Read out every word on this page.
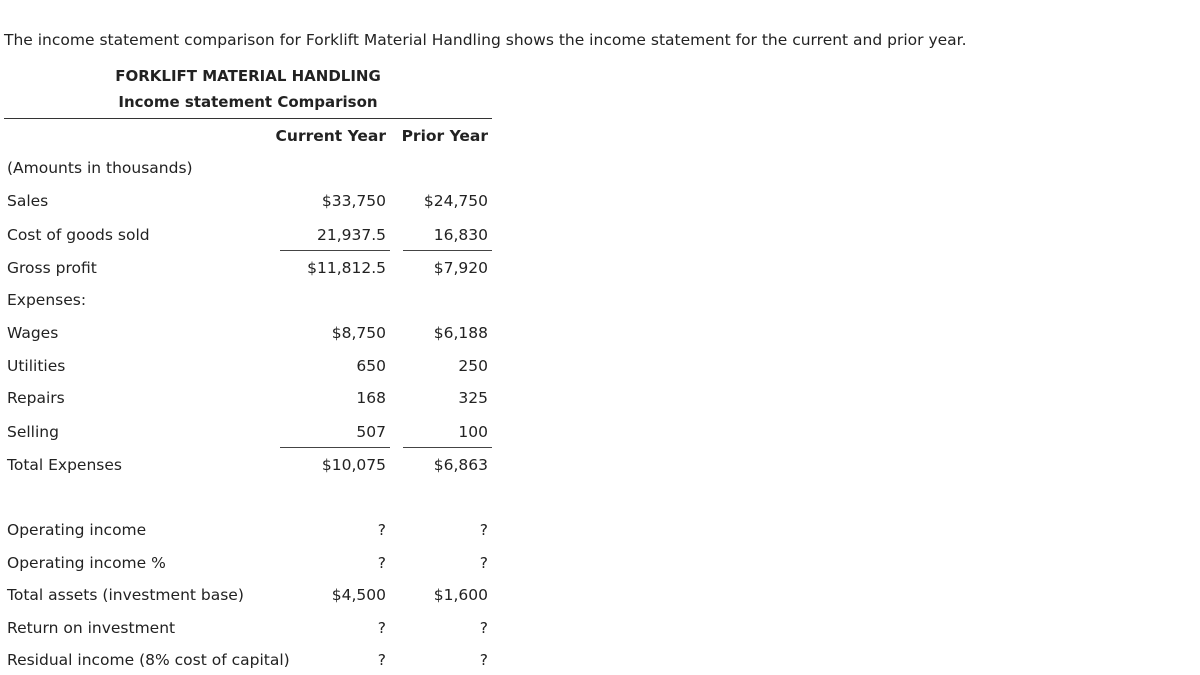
The income statement comparison for Forklift Material Handling shows the income statement for the current and prior year.
FORKLIFT MATERIAL HANDLING
Income statement Comparison
Current Year	Prior Year
(Amounts in thousands)
Sales	$33,750	$24,750
Cost of goods sold	21,937.5	16,830
Gross profit	$11,812.5	$7,920
Expenses:
Wages	$8,750	$6,188
Utilities	650	250
Repairs	168	325
Selling	507	100
Total Expenses	$10,075	$6,863
Operating income	?	?
Operating income %	?	?
Total assets (investment base)	$4,500	$1,600
Return on investment	?	?
Residual income (8% cost of capital)	?	?
